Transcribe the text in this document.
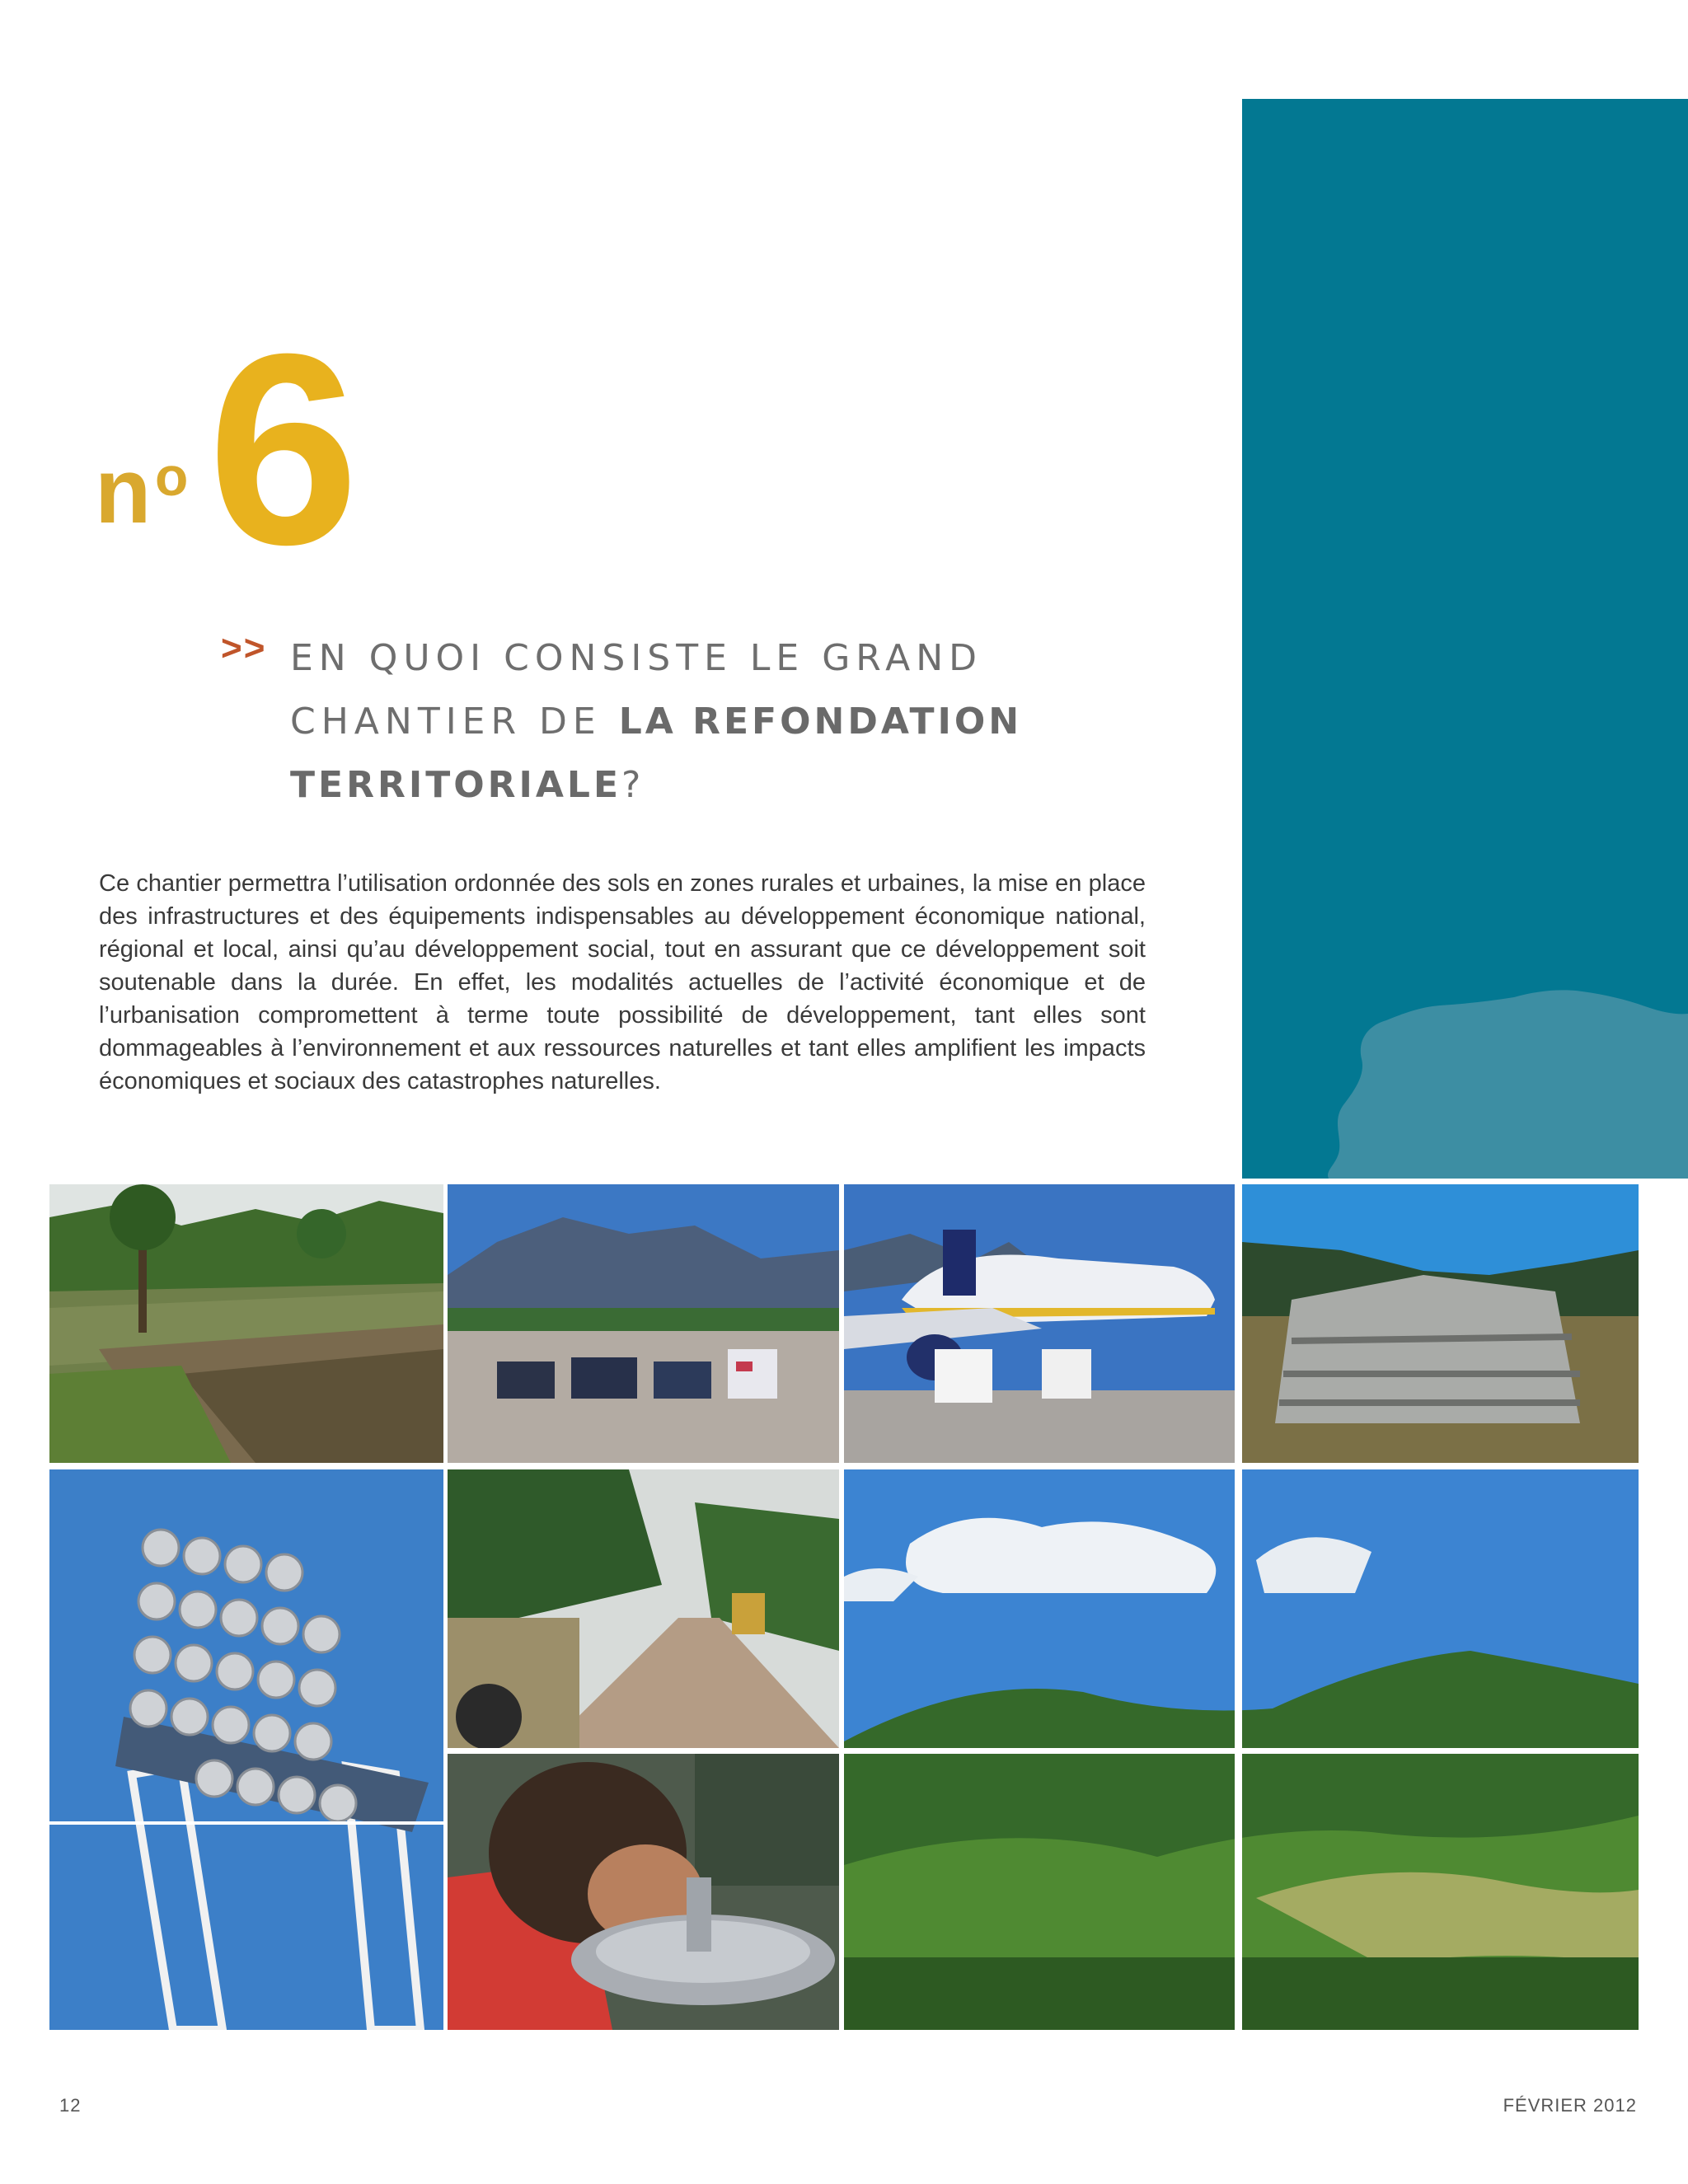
n o 6
>> EN QUOI CONSISTE LE GRAND
CHANTIER DE LA REFONDATION
TERRITORIALE?

Ce chantier permettra l’utilisation ordonnée des sols en zones rurales et urbaines, la mise en place des infrastructures et des équipements indispensables au développement économique national, régional et local, ainsi qu’au développement social, tout en assurant que ce développement soit soutenable dans la durée. En effet, les modalités actuelles de l’activité économique et de l’urbanisation compromettent à terme toute possibilité de développement, tant elles sont dommageables à l’environnement et aux ressources naturelles et tant elles amplifient les impacts économiques et sociaux des catastrophes naturelles.

12	FÉVRIER 2012
